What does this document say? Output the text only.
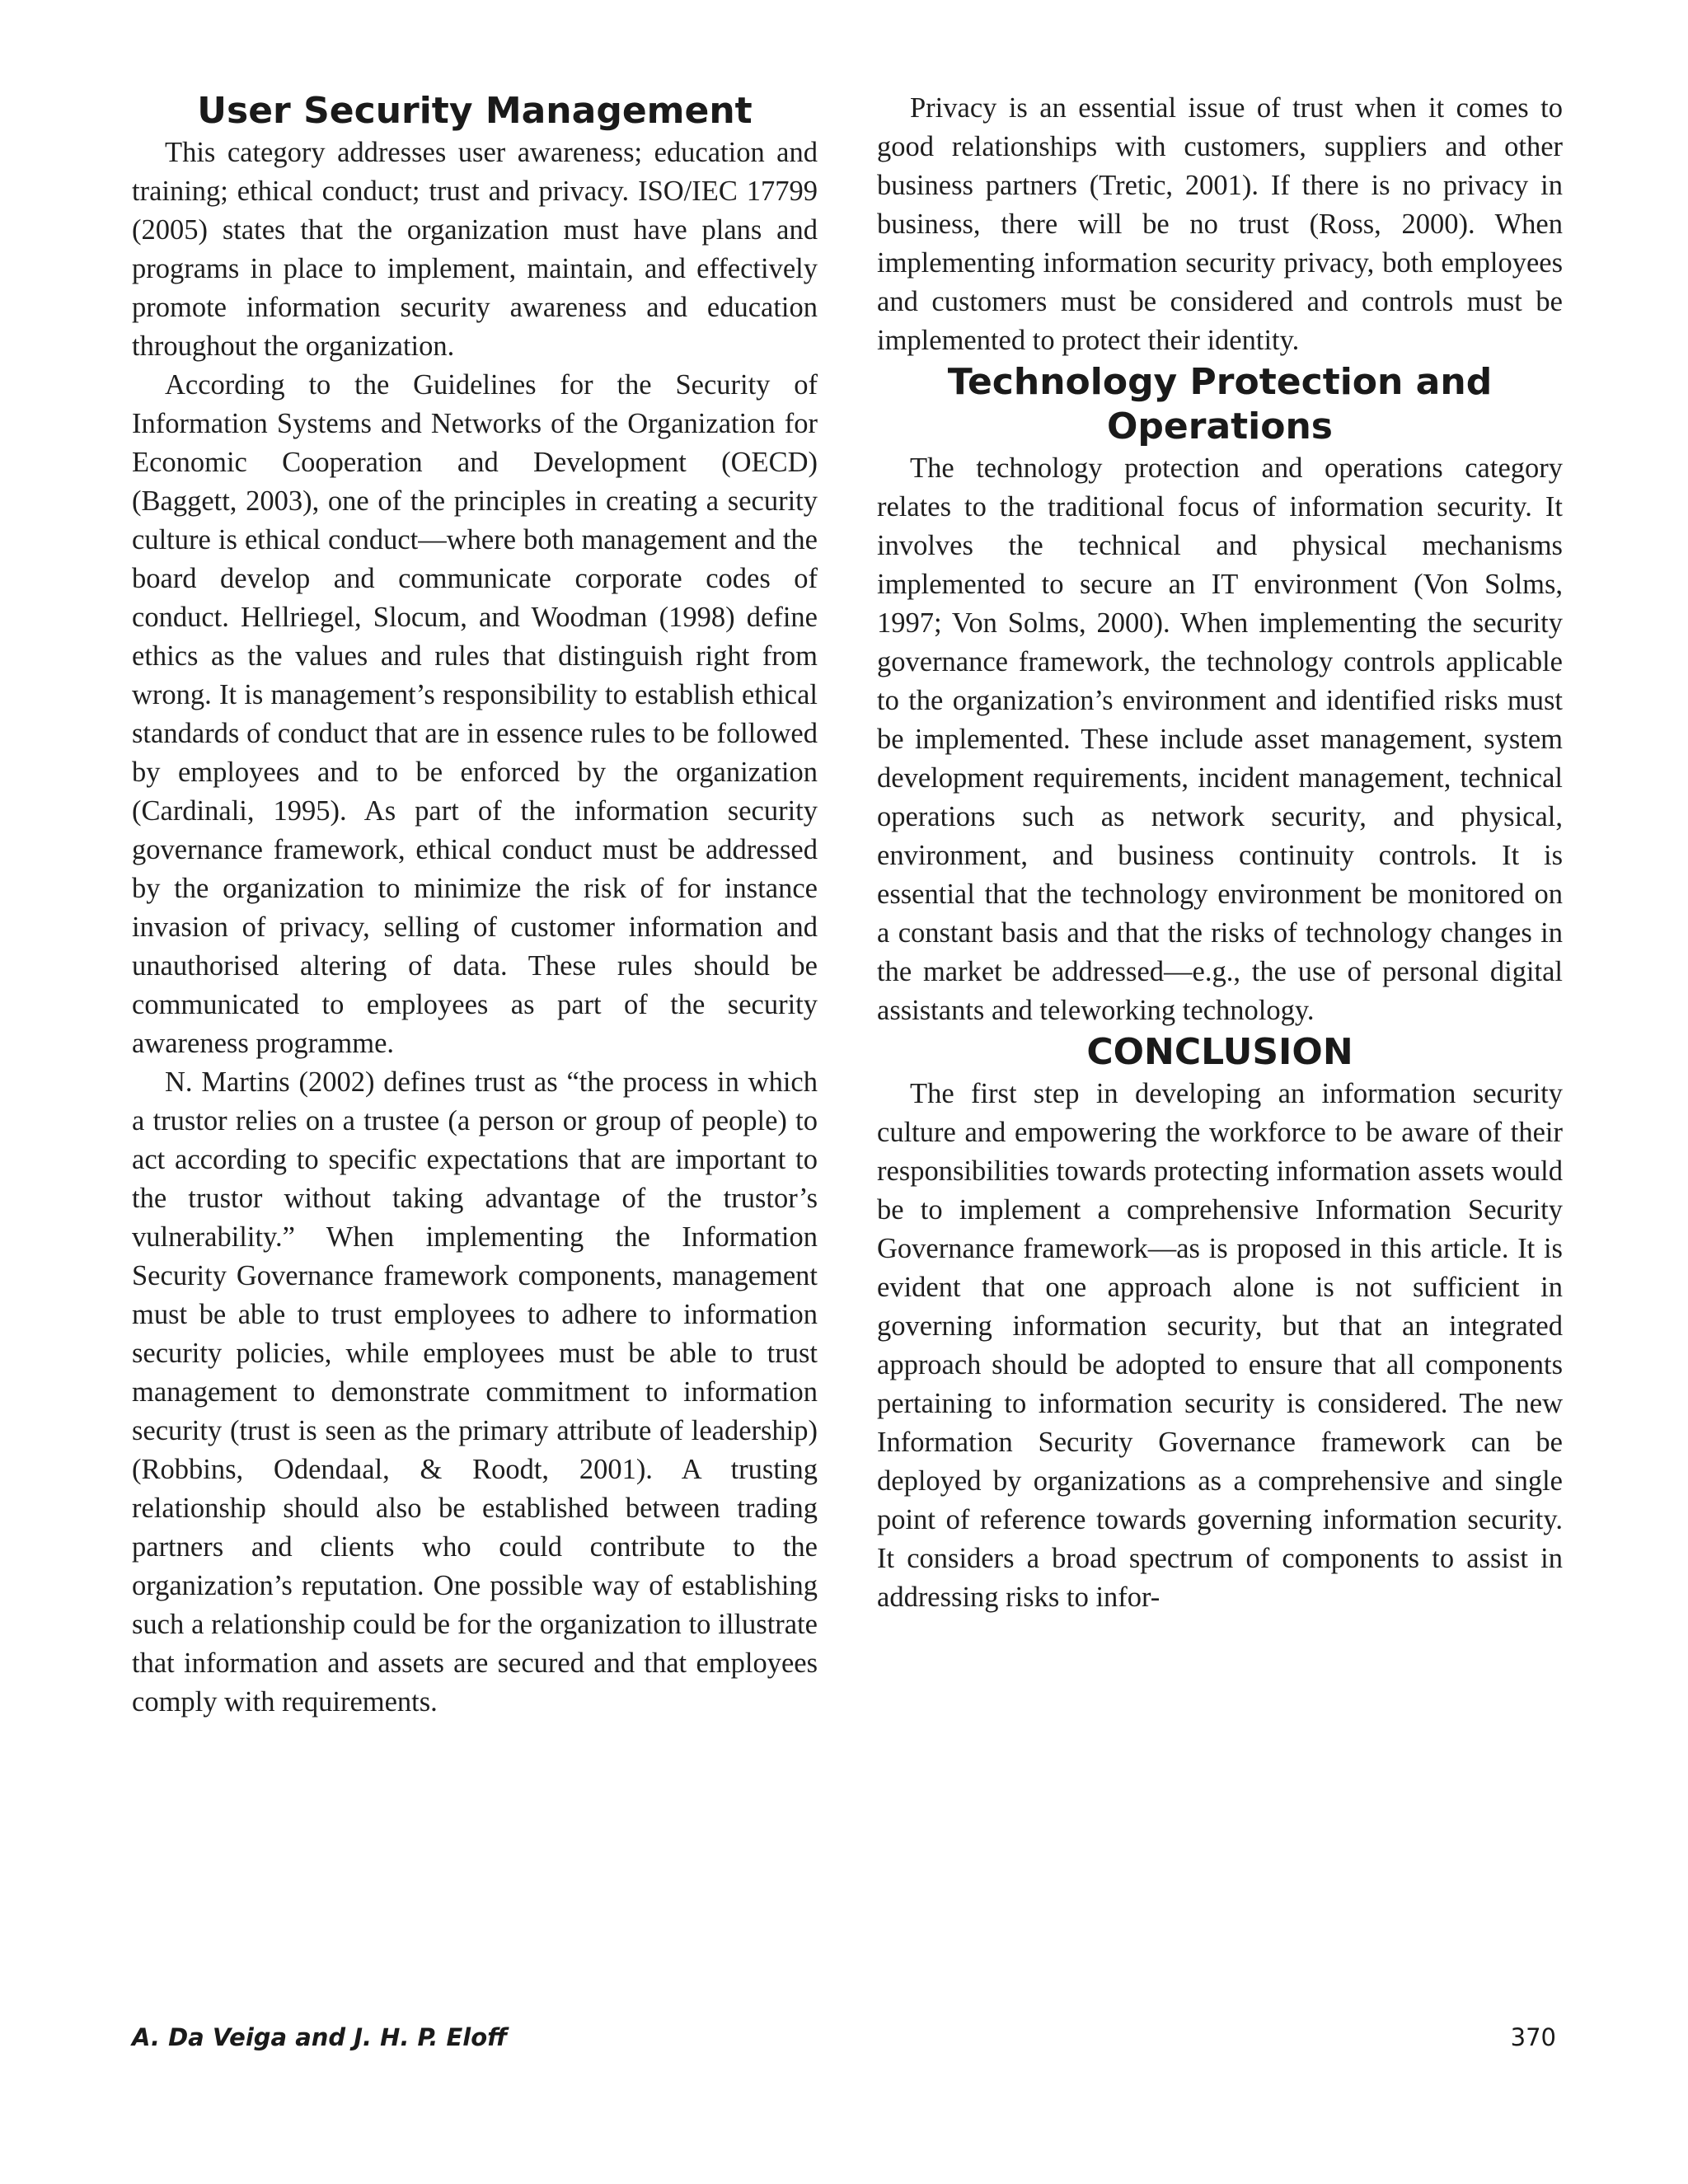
User Security Management

This category addresses user awareness; education and training; ethical conduct; trust and privacy. ISO/IEC 17799 (2005) states that the organization must have plans and programs in place to implement, maintain, and effectively promote information security awareness and education throughout the organization.

According to the Guidelines for the Security of Information Systems and Networks of the Organization for Economic Cooperation and Development (OECD) (Baggett, 2003), one of the principles in creating a security culture is ethical conduct—where both management and the board develop and communicate corporate codes of conduct. Hellriegel, Slocum, and Woodman (1998) define ethics as the values and rules that distinguish right from wrong. It is management’s responsibility to establish ethical standards of conduct that are in essence rules to be followed by employees and to be enforced by the organization (Cardinali, 1995). As part of the information security governance framework, ethical conduct must be addressed by the organization to minimize the risk of for instance invasion of privacy, selling of customer information and unauthorised altering of data. These rules should be communicated to employees as part of the security awareness programme.

N. Martins (2002) defines trust as “the process in which a trustor relies on a trustee (a person or group of people) to act according to specific expectations that are important to the trustor without taking advantage of the trustor’s vulnerability.” When implementing the Information Security Governance framework components, management must be able to trust employees to adhere to information security policies, while employees must be able to trust management to demonstrate commitment to information security (trust is seen as the primary attribute of leadership) (Robbins, Odendaal, & Roodt, 2001). A trusting relationship should also be established between trading partners and clients who could contribute to the organization’s reputation. One possible way of establishing such a relationship could be for the organization to illustrate that information and assets are secured and that employees comply with requirements.

Privacy is an essential issue of trust when it comes to good relationships with customers, suppliers and other business partners (Tretic, 2001). If there is no privacy in business, there will be no trust (Ross, 2000). When implementing information security privacy, both employees and customers must be considered and controls must be implemented to protect their identity.

Technology Protection and Operations

The technology protection and operations category relates to the traditional focus of information security. It involves the technical and physical mechanisms implemented to secure an IT environment (Von Solms, 1997; Von Solms, 2000). When implementing the security governance framework, the technology controls applicable to the organization’s environment and identified risks must be implemented. These include asset management, system development requirements, incident management, technical operations such as network security, and physical, environment, and business continuity controls. It is essential that the technology environment be monitored on a constant basis and that the risks of technology changes in the market be addressed—e.g., the use of personal digital assistants and teleworking technology.

CONCLUSION

The first step in developing an information security culture and empowering the workforce to be aware of their responsibilities towards protecting information assets would be to implement a comprehensive Information Security Governance framework—as is proposed in this article. It is evident that one approach alone is not sufficient in governing information security, but that an integrated approach should be adopted to ensure that all components pertaining to information security is considered. The new Information Security Governance framework can be deployed by organizations as a comprehensive and single point of reference towards governing information security. It considers a broad spectrum of components to assist in addressing risks to infor-

A. Da Veiga and J. H. P. Eloff	370
